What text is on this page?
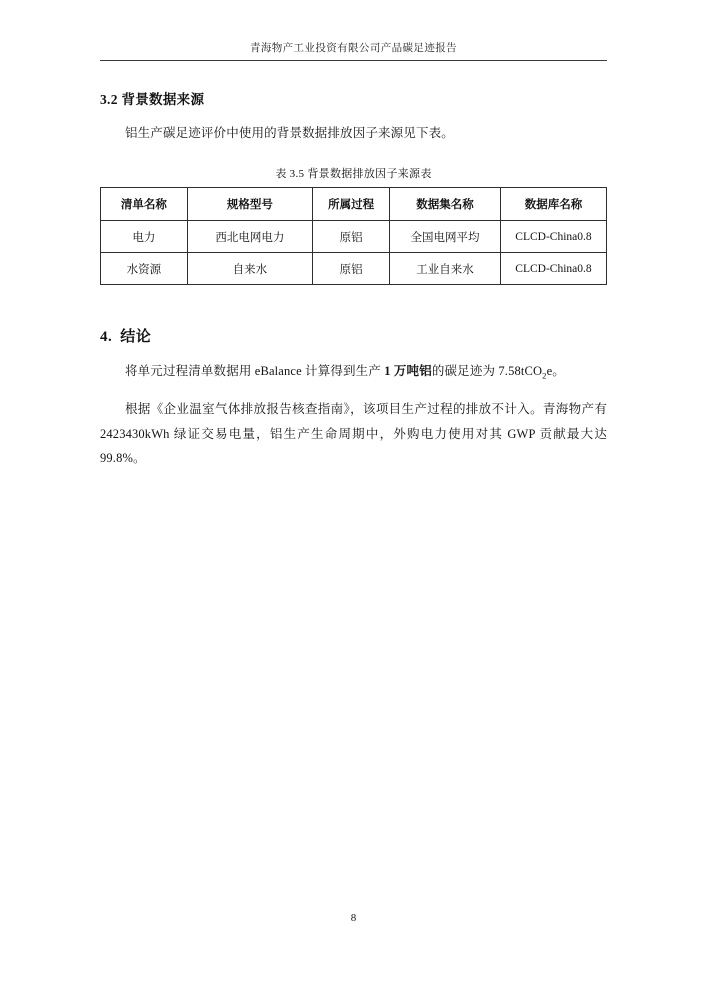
青海物产工业投资有限公司产品碳足迹报告
3.2 背景数据来源
铝生产碳足迹评价中使用的背景数据排放因子来源见下表。
表 3.5 背景数据排放因子来源表
清单名称	规格型号	所属过程	数据集名称	数据库名称
电力	西北电网电力	原铝	全国电网平均	CLCD-China0.8
水资源	自来水	原铝	工业自来水	CLCD-China0.8
4. 结论
将单元过程清单数据用 eBalance 计算得到生产 1 万吨铝的碳足迹为 7.58tCO$_2$e。
根据《企业温室气体排放报告核查指南》，该项目生产过程的排放不计入。青海物产有 2423430kWh 绿证交易电量，铝生产生命周期中，外购电力使用对其 GWP 贡献最大达 99.8%。
8
